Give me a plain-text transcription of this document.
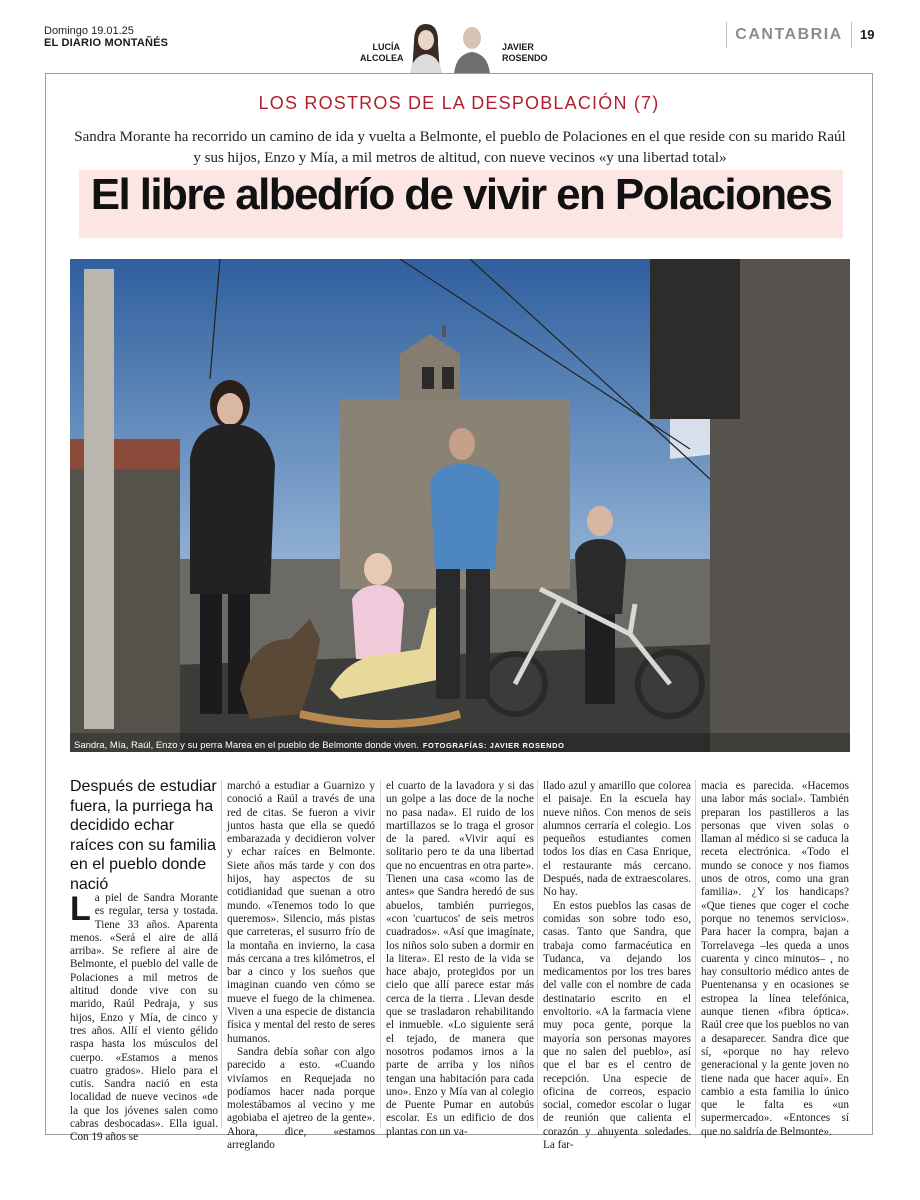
Domingo 19.01.25
EL DIARIO MONTAÑÉS	LUCÍA
ALCOLEA
JAVIER
ROSENDO
CANTABRIA	19
LOS ROSTROS DE LA DESPOBLACIÓN (7)
Sandra Morante ha recorrido un camino de ida y vuelta a Belmonte, el pueblo de Polaciones en el que reside con su marido Raúl y sus hijos, Enzo y Mía, a mil metros de altitud, con nueve vecinos «y una libertad total»
El libre albedrío de vivir en Polaciones
Sandra, Mía, Raúl, Enzo y su perra Marea en el pueblo de Belmonte donde viven. FOTOGRAFÍAS: JAVIER ROSENDO
Después de estudiar fuera, la purriega ha decidido echar raíces con su familia en el pueblo donde nació

La piel de Sandra Morante es regular, tersa y tostada. Tiene 33 años. Aparenta menos. «Será el aire de allá arriba». Se refiere al aire de Belmonte, el pueblo del valle de Polaciones a mil metros de altitud donde vive con su marido, Raúl Pedraja, y sus hijos, Enzo y Mía, de cinco y tres años. Allí el viento gélido raspa hasta los músculos del cuerpo. «Estamos a menos cuatro grados». Hielo para el cutis. Sandra nació en esta localidad de nueve vecinos «de la que los jóvenes salen como cabras desbocadas». Ella igual. Con 19 años se

marchó a estudiar a Guarnizo y conoció a Raúl a través de una red de citas. Se fueron a vivir juntos hasta que ella se quedó embarazada y decidieron volver y echar raíces en Belmonte. Siete años más tarde y con dos hijos, hay aspectos de su cotidianidad que suenan a otro mundo. «Tenemos todo lo que queremos». Silencio, más pistas que carreteras, el susurro frío de la montaña en invierno, la casa más cercana a tres kilómetros, el bar a cinco y los sueños que imaginan cuando ven cómo se mueve el fuego de la chimenea. Viven a una especie de distancia física y mental del resto de seres humanos.

Sandra debía soñar con algo parecido a esto. «Cuando vivíamos en Requejada no podíamos hacer nada porque molestábamos al vecino y me agobiaba el ajetreo de la gente». Ahora, dice, «estamos arreglando

el cuarto de la lavadora y si das un golpe a las doce de la noche no pasa nada». El ruido de los martillazos se lo traga el grosor de la pared. «Vivir aquí es solitario pero te da una libertad que no encuentras en otra parte». Tienen una casa «como las de antes» que Sandra heredó de sus abuelos, también purriegos, «con 'cuartucos' de seis metros cuadrados». «Así que imagínate, los niños solo suben a dormir en la litera». El resto de la vida se hace abajo, protegidos por un cielo que allí parece estar más cerca de la tierra . Llevan desde que se trasladaron rehabilitando el inmueble. «Lo siguiente será el tejado, de manera que nosotros podamos irnos a la parte de arriba y los niños tengan una habitación para cada uno». Enzo y Mía van al colegio de Puente Pumar en autobús escolar. Es un edificio de dos plantas con un va-

llado azul y amarillo que colorea el paisaje. En la escuela hay nueve niños. Con menos de seis alumnos cerraría el colegio. Los pequeños estudiantes comen todos los días en Casa Enrique, el restaurante más cercano. Después, nada de extraescolares. No hay.

En estos pueblos las casas de comidas son sobre todo eso, casas. Tanto que Sandra, que trabaja como farmacéutica en Tudanca, va dejando los medicamentos por los tres bares del valle con el nombre de cada destinatario escrito en el envoltorio. «A la farmacia viene muy poca gente, porque la mayoría son personas mayores que no salen del pueblo», así que el bar es el centro de recepción. Una especie de oficina de correos, espacio social, comedor escolar o lugar de reunión que calienta el corazón y ahuyenta soledades. La far-

macia es parecida. «Hacemos una labor más social». También preparan los pastilleros a las personas que viven solas o llaman al médico si se caduca la receta electrónica. «Todo el mundo se conoce y nos fiamos unos de otros, como una gran familia». ¿Y los handicaps? «Que tienes que coger el coche porque no tenemos servicios». Para hacer la compra, bajan a Torrelavega –les queda a unos cuarenta y cinco minutos– , no hay consultorio médico antes de Puentenansa y en ocasiones se estropea la línea telefónica, aunque tienen «fibra óptica». Raúl cree que los pueblos no van a desaparecer. Sandra dice que sí, «porque no hay relevo generacional y la gente joven no tiene nada que hacer aquí». En cambio a esta familia lo único que le falta es «un supermercado». «Entonces sí que no saldría de Belmonte».
